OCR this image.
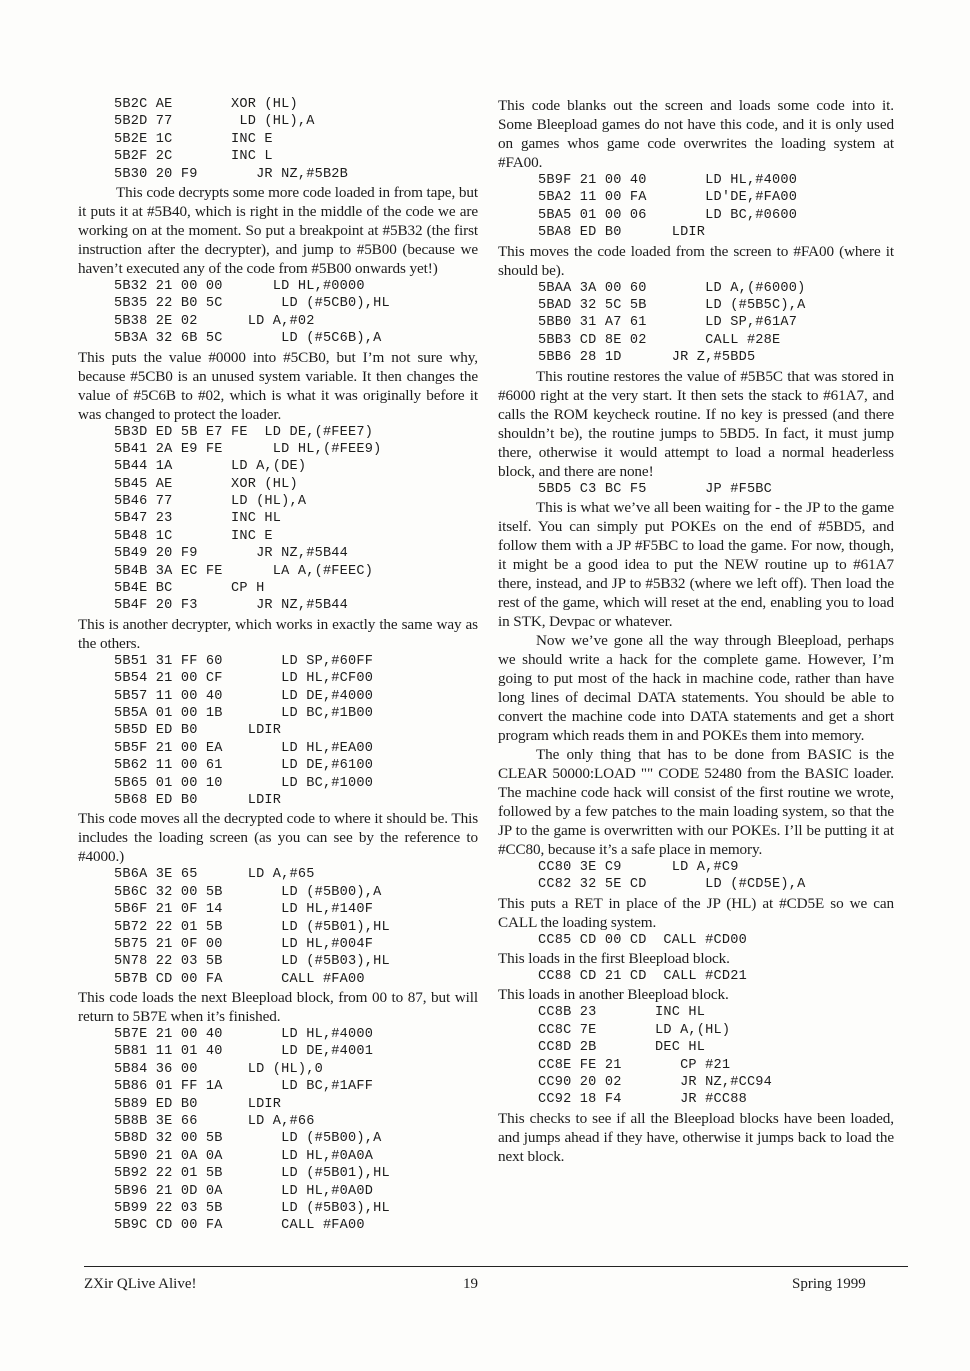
5B2C AE       XOR (HL)
5B2D 77        LD (HL),A
5B2E 1C       INC E
5B2F 2C       INC L
5B30 20 F9       JR NZ,#5B2B

This code decrypts some more code loaded in from tape, but it puts it at #5B40, which is right in the middle of the code we are working on at the moment. So put a breakpoint at #5B32 (the first instruction after the decrypter), and jump to #5B00 (because we haven’t executed any of the code from #5B00 onwards yet!)

5B32 21 00 00      LD HL,#0000
5B35 22 B0 5C       LD (#5CB0),HL
5B38 2E 02      LD A,#02
5B3A 32 6B 5C       LD (#5C6B),A

This puts the value #0000 into #5CB0, but I’m not sure why, because #5CB0 is an unused system variable. It then changes the value of #5C6B to #02, which is what it was originally before it was changed to protect the loader.

5B3D ED 5B E7 FE  LD DE,(#FEE7)
5B41 2A E9 FE      LD HL,(#FEE9)
5B44 1A       LD A,(DE)
5B45 AE       XOR (HL)
5B46 77       LD (HL),A
5B47 23       INC HL
5B48 1C       INC E
5B49 20 F9       JR NZ,#5B44
5B4B 3A EC FE      LA A,(#FEEC)
5B4E BC       CP H
5B4F 20 F3       JR NZ,#5B44

This is another decrypter, which works in exactly the same way as the others.

5B51 31 FF 60       LD SP,#60FF
5B54 21 00 CF       LD HL,#CF00
5B57 11 00 40       LD DE,#4000
5B5A 01 00 1B       LD BC,#1B00
5B5D ED B0      LDIR
5B5F 21 00 EA       LD HL,#EA00
5B62 11 00 61       LD DE,#6100
5B65 01 00 10       LD BC,#1000
5B68 ED B0      LDIR

This code moves all the decrypted code to where it should be. This includes the loading screen (as you can see by the reference to #4000.)

5B6A 3E 65      LD A,#65
5B6C 32 00 5B       LD (#5B00),A
5B6F 21 0F 14       LD HL,#140F
5B72 22 01 5B       LD (#5B01),HL
5B75 21 0F 00       LD HL,#004F
5N78 22 03 5B       LD (#5B03),HL
5B7B CD 00 FA       CALL #FA00

This code loads the next Bleepload block, from 00 to 87, but will return to 5B7E when it’s finished.

5B7E 21 00 40       LD HL,#4000
5B81 11 01 40       LD DE,#4001
5B84 36 00      LD (HL),0
5B86 01 FF 1A       LD BC,#1AFF
5B89 ED B0      LDIR
5B8B 3E 66      LD A,#66
5B8D 32 00 5B       LD (#5B00),A
5B90 21 0A 0A       LD HL,#0A0A
5B92 22 01 5B       LD (#5B01),HL
5B96 21 0D 0A       LD HL,#0A0D
5B99 22 03 5B       LD (#5B03),HL
5B9C CD 00 FA       CALL #FA00

This code blanks out the screen and loads some code into it. Some Bleepload games do not have this code, and it is only used on games whos game code overwrites the loading system at #FA00.

5B9F 21 00 40       LD HL,#4000
5BA2 11 00 FA       LD'DE,#FA00
5BA5 01 00 06       LD BC,#0600
5BA8 ED B0      LDIR

This moves the code loaded from the screen to #FA00 (where it should be).

5BAA 3A 00 60       LD A,(#6000)
5BAD 32 5C 5B       LD (#5B5C),A
5BB0 31 A7 61       LD SP,#61A7
5BB3 CD 8E 02       CALL #28E
5BB6 28 1D      JR Z,#5BD5

This routine restores the value of #5B5C that was stored in #6000 right at the very start. It then sets the stack to #61A7, and calls the ROM keycheck routine. If no key is pressed (and there shouldn’t be), the routine jumps to 5BD5. In fact, it must jump there, otherwise it would attempt to load a normal headerless block, and there are none!

5BD5 C3 BC F5       JP #F5BC

This is what we’ve all been waiting for - the JP to the game itself. You can simply put POKEs on the end of #5BD5, and follow them with a JP #F5BC to load the game. For now, though, it might be a good idea to put the NEW routine up to #61A7 there, instead, and JP to #5B32 (where we left off). Then load the rest of the game, which will reset at the end, enabling you to load in STK, Devpac or whatever.

Now we’ve gone all the way through Bleepload, perhaps we should write a hack for the complete game. However, I’m going to put most of the hack in machine code, rather than have long lines of decimal DATA statements. You should be able to convert the machine code into DATA statements and get a short program which reads them in and POKEs them into memory.

The only thing that has to be done from BASIC is the CLEAR 50000:LOAD "" CODE 52480 from the BASIC loader. The machine code hack will consist of the first routine we wrote, followed by a few patches to the main loading system, so that the JP to the game is overwritten with our POKEs. I’ll be putting it at #CC80, because it’s a safe place in memory.

CC80 3E C9      LD A,#C9
CC82 32 5E CD       LD (#CD5E),A

This puts a RET in place of the JP (HL) at #CD5E so we can CALL the loading system.

CC85 CD 00 CD  CALL #CD00

This loads in the first Bleepload block.

CC88 CD 21 CD  CALL #CD21

This loads in another Bleepload block.

CC8B 23       INC HL
CC8C 7E       LD A,(HL)
CC8D 2B       DEC HL
CC8E FE 21       CP #21
CC90 20 02       JR NZ,#CC94
CC92 18 F4       JR #CC88

This checks to see if all the Bleepload blocks have been loaded, and jumps ahead if they have, otherwise it jumps back to load the next block.

ZXir QLive Alive!	19	Spring 1999
